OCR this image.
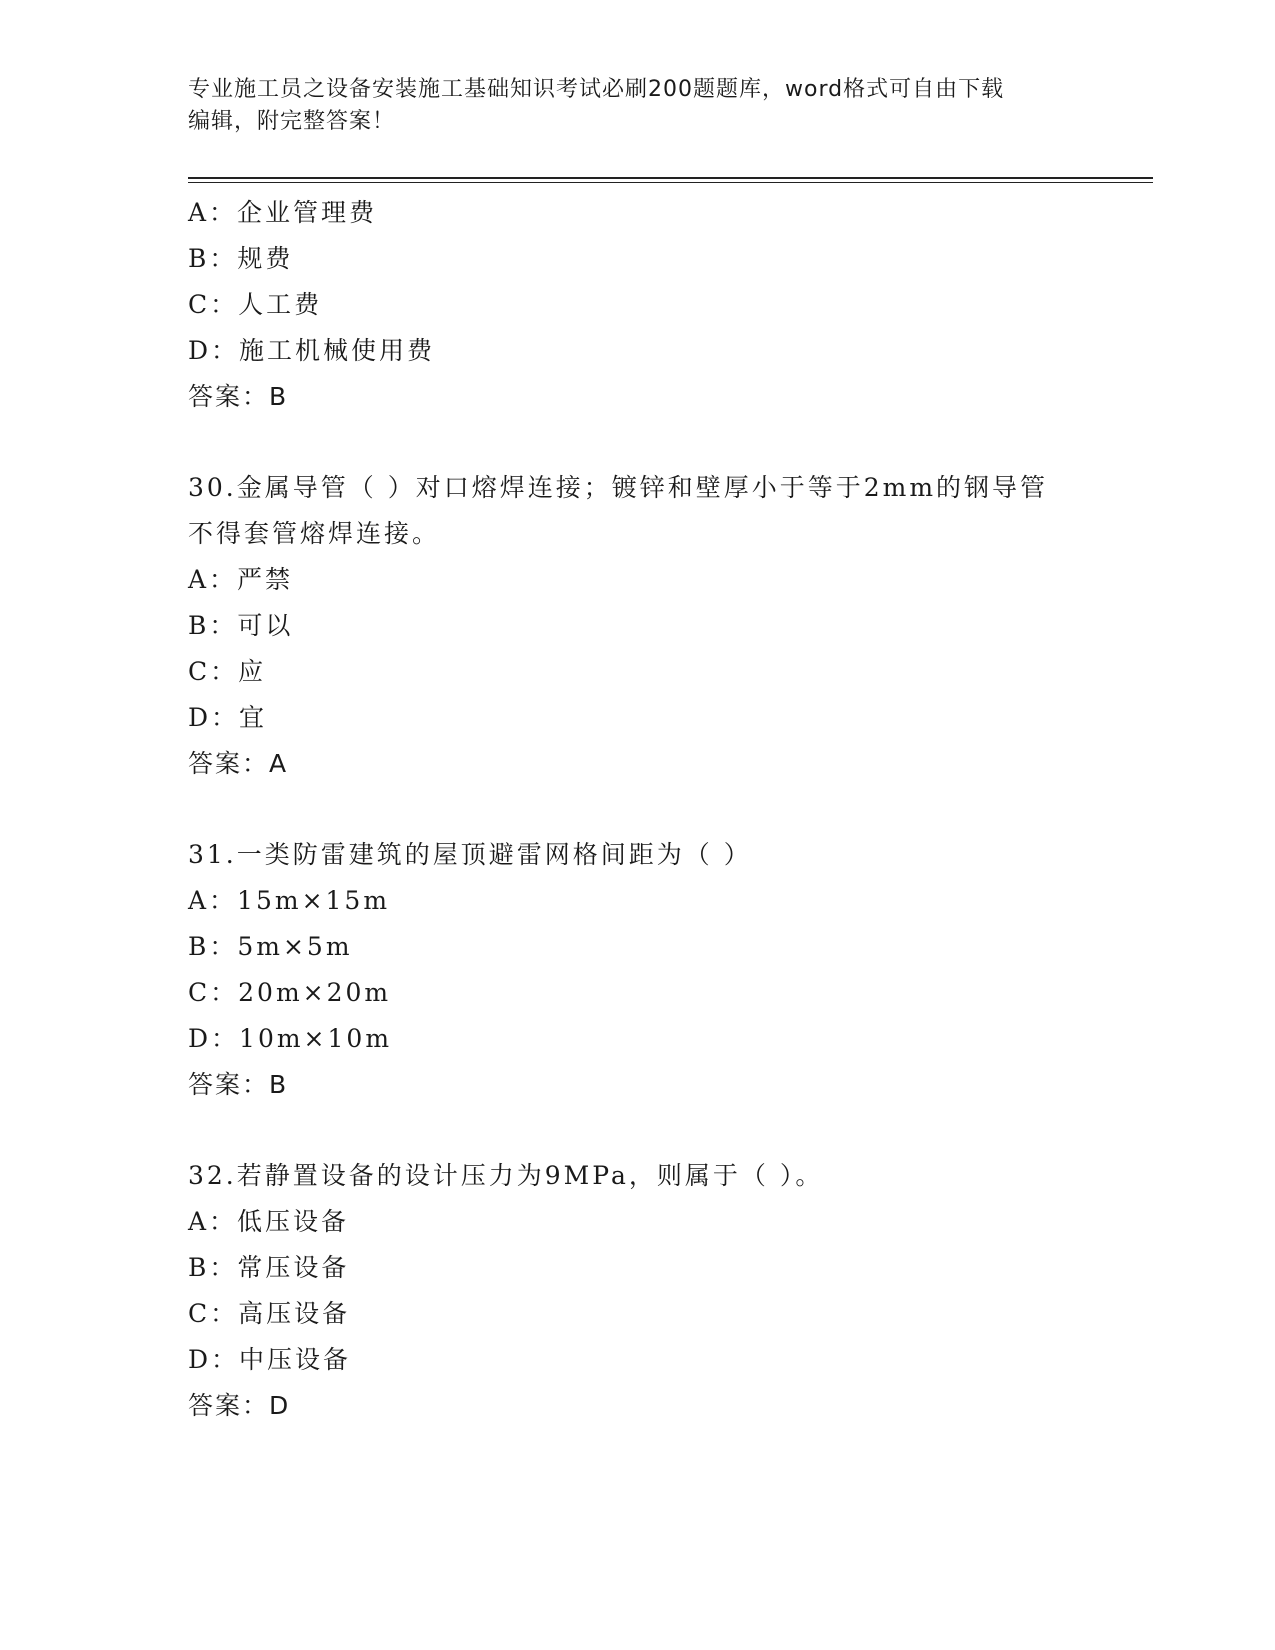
专业施工员之设备安装施工基础知识考试必刷200题题库，word格式可自由下载
编辑，附完整答案！
A：企业管理费
B：规费
C：人工费
D：施工机械使用费
答案：B
30.金属导管（ ）对口熔焊连接；镀锌和壁厚小于等于2mm的钢导管
不得套管熔焊连接。
A：严禁
B：可以
C：应
D：宜
答案：A
31.一类防雷建筑的屋顶避雷网格间距为（ ）
A：15m×15m
B：5m×5m
C：20m×20m
D：10m×10m
答案：B
32.若静置设备的设计压力为9MPa，则属于（ ）。
A：低压设备
B：常压设备
C：高压设备
D：中压设备
答案：D
